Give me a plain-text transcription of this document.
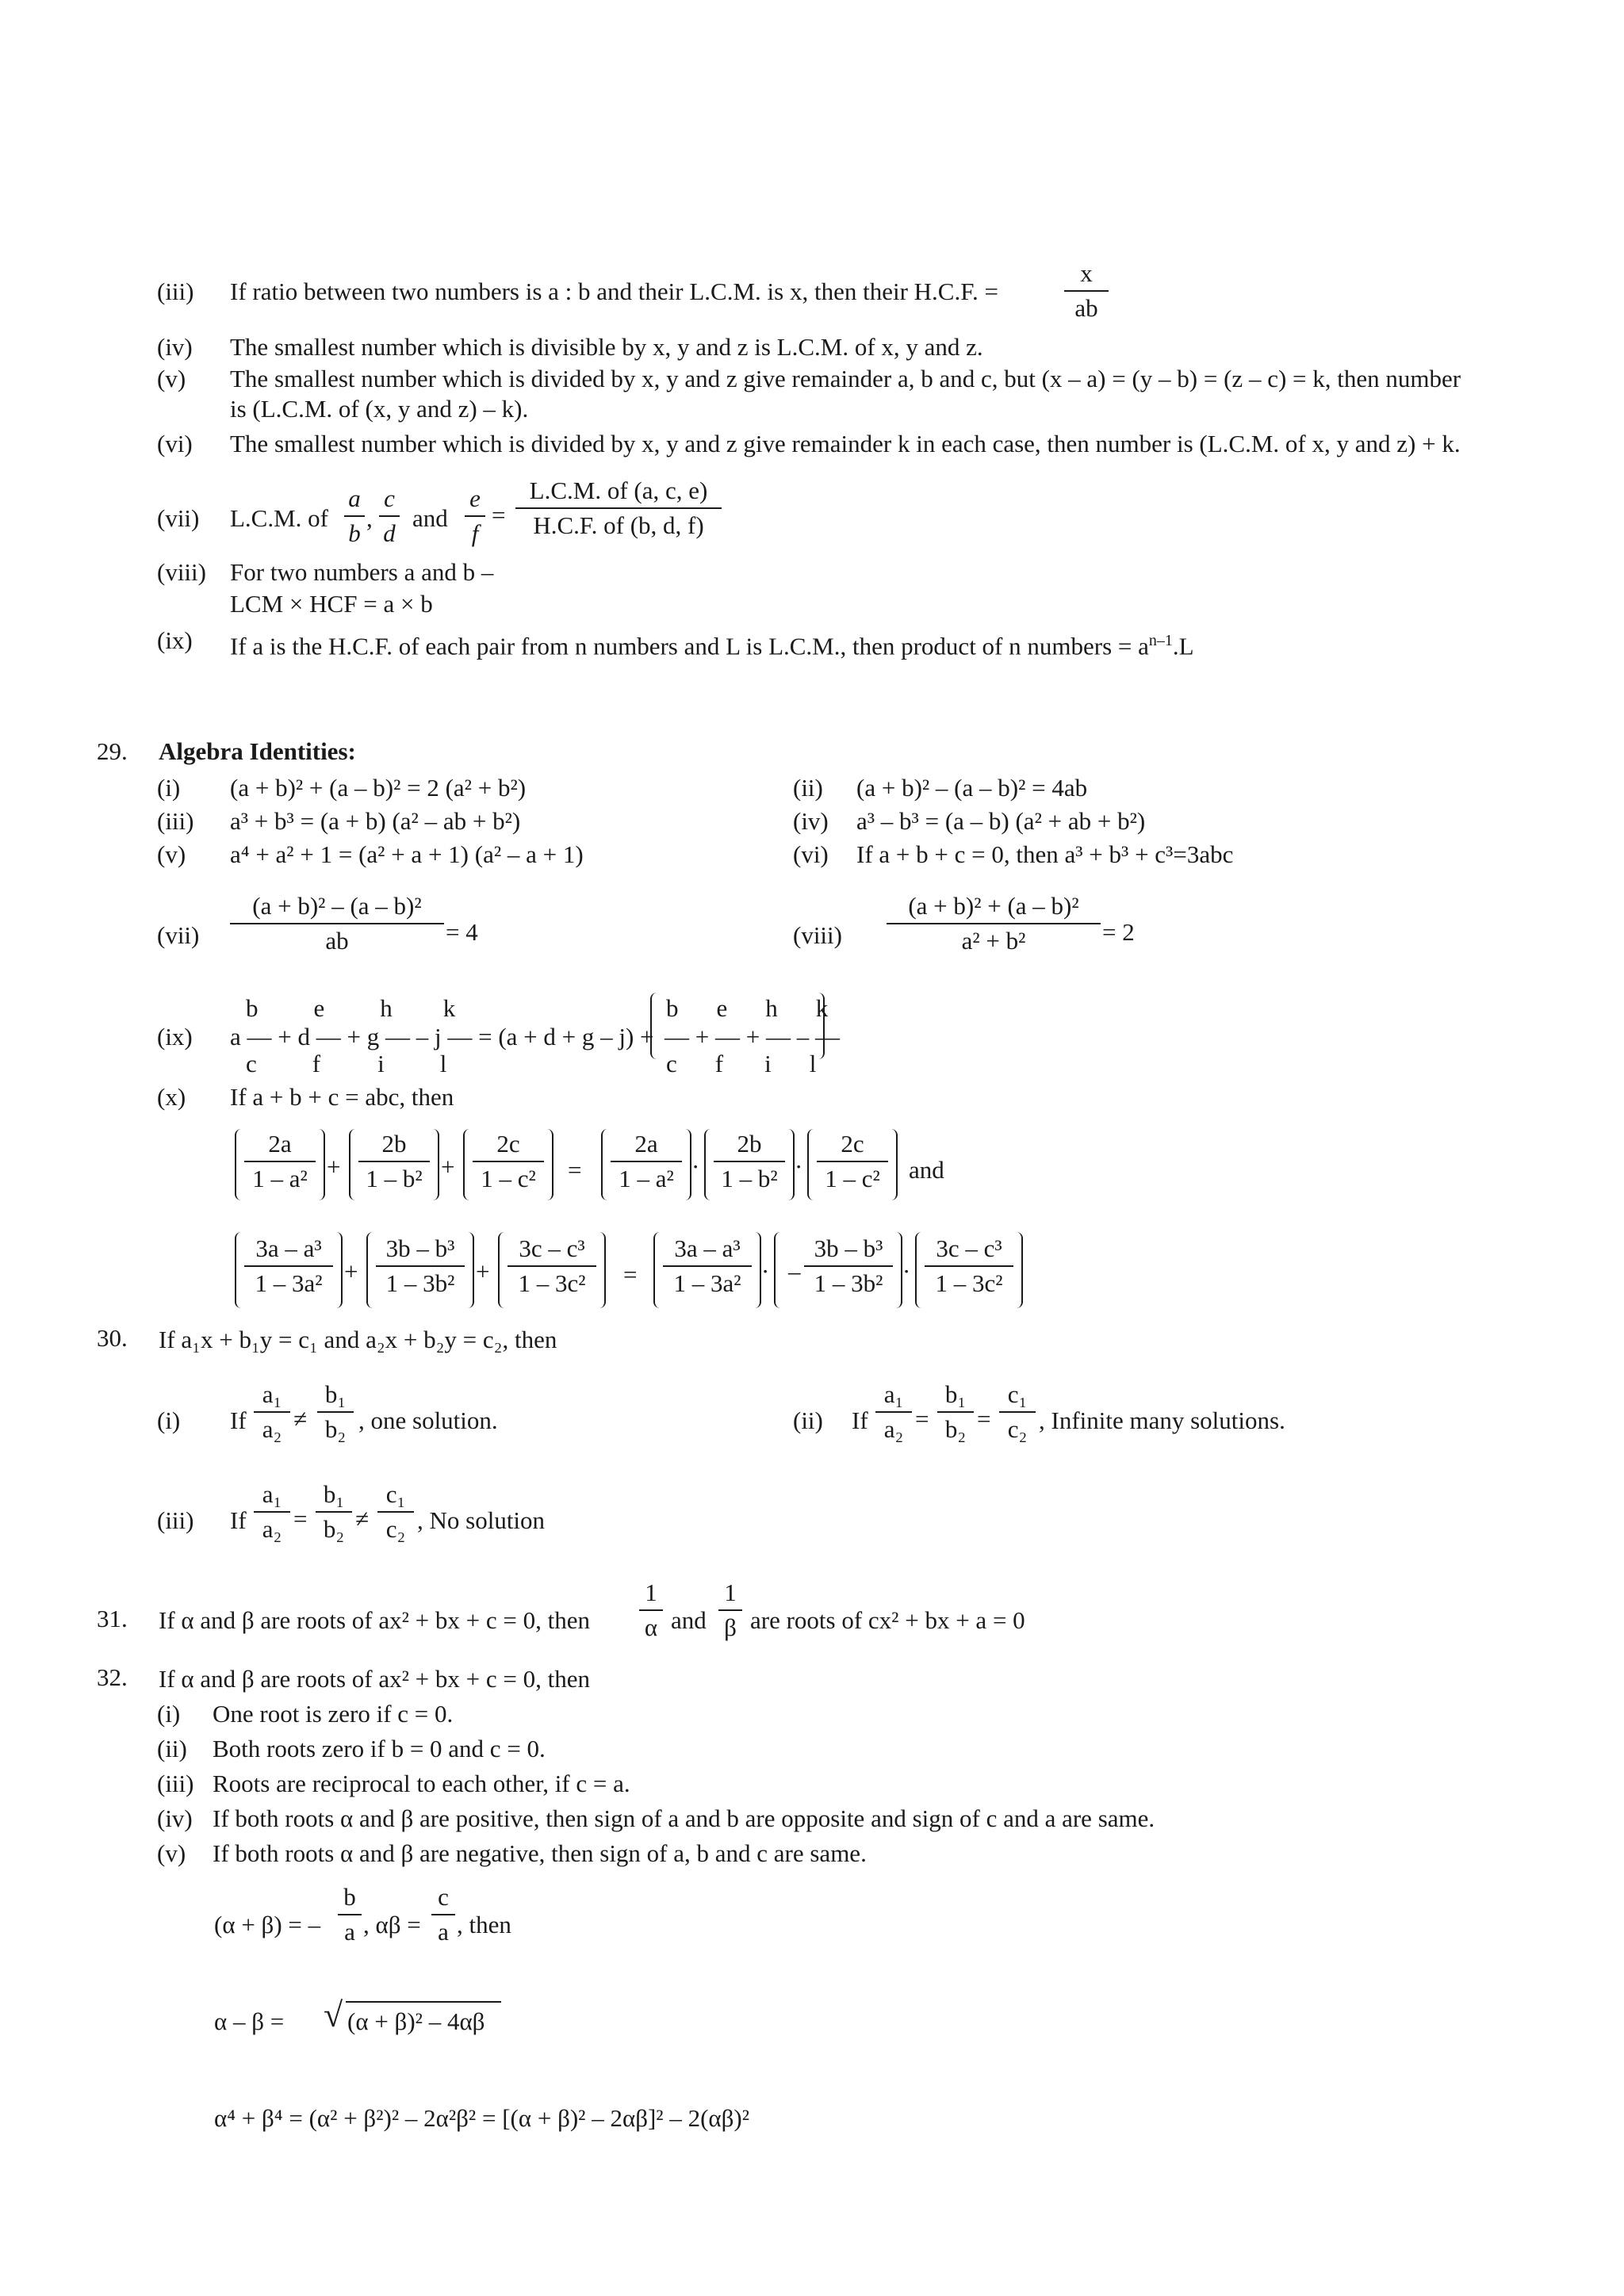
(iii) If ratio between two numbers is a : b and their L.C.M. is x, then their H.C.F. =
x
ab
(iv) The smallest number which is divisible by x, y and z is L.C.M. of x, y and z.
(v) The smallest number which is divided by x, y and z give remainder a, b and c, but (x – a) = (y – b) = (z – c) = k, then number
is (L.C.M. of (x, y and z) – k).
(vi) The smallest number which is divided by x, y and z give remainder k in each case, then number is (L.C.M. of x, y and z) + k.
(vii) L.C.M. of
a
b
,
c
d
and
e
f
=
L.C.M. of (a, c, e)
H.C.F. of (b, d, f)
(viii) For two numbers a and b –
LCM × HCF = a × b
(ix) If a is the H.C.F. of each pair from n numbers and L is L.C.M., then product of n numbers = $a^{n-1}.L$
29. Algebra Identities:
(i) (a + b)² + (a – b)² = 2 (a² + b²)	(ii) (a + b)² – (a – b)² = 4ab
(iii) a³ + b³ = (a + b) (a² – ab + b²)	(iv) a³ – b³ = (a – b) (a² + ab + b²)
(v) a⁴ + a² + 1 = (a² + a + 1) (a² – a + 1)	(vi) If a + b + c = 0, then a³ + b³ + c³=3abc
(vii)
(a + b)² – (a – b)²
ab	= 4	(viii)
(a + b)² + (a – b)²
a² + b²	= 2
(ix) a — + d — + g — – j — = (a + d + g – j) +
b e h k
c f i l
— + — + — – —
b e h k
c f i l
(x) If a + b + c = abc, then
2a
1 – a² +
2b
1 – b² +
2c
1 – c²	=
2a
1 – a² ·
2b
1 – b² ·
2c
1 – c²	and
3a – a³
1 – 3a² +
3b – b³
1 – 3b² +
3c – c³
1 – 3c²	=
3a – a³
1 – 3a² · –
3b – b³
1 – 3b² ·
3c – c³
1 – 3c²
30. If a₁x + b₁y = c₁ and a₂x + b₂y = c₂, then
(i) If
a₁
a₂ ≠
b₁
b₂ , one solution.	(ii) If
a₁
a₂ =
b₁
b₂ =
c₁
c₂ , Infinite many solutions.
(iii) If
a₁
a₂ =
b₁
b₂ ≠
c₁
c₂ , No solution
31. If α and β are roots of ax² + bx + c = 0, then
1
α and
1
β are roots of cx² + bx + a = 0
32. If α and β are roots of ax² + bx + c = 0, then
(i) One root is zero if c = 0.
(ii) Both roots zero if b = 0 and c = 0.
(iii) Roots are reciprocal to each other, if c = a.
(iv) If both roots α and β are positive, then sign of a and b are opposite and sign of c and a are same.
(v) If both roots α and β are negative, then sign of a, b and c are same.
(α + β) = –
b
a , αβ =
c
a , then
α – β = √ (α + β)² – 4αβ
α⁴ + β⁴ = (α² + β²)² – 2α²β² = [(α + β)² – 2αβ]² – 2(αβ)²
